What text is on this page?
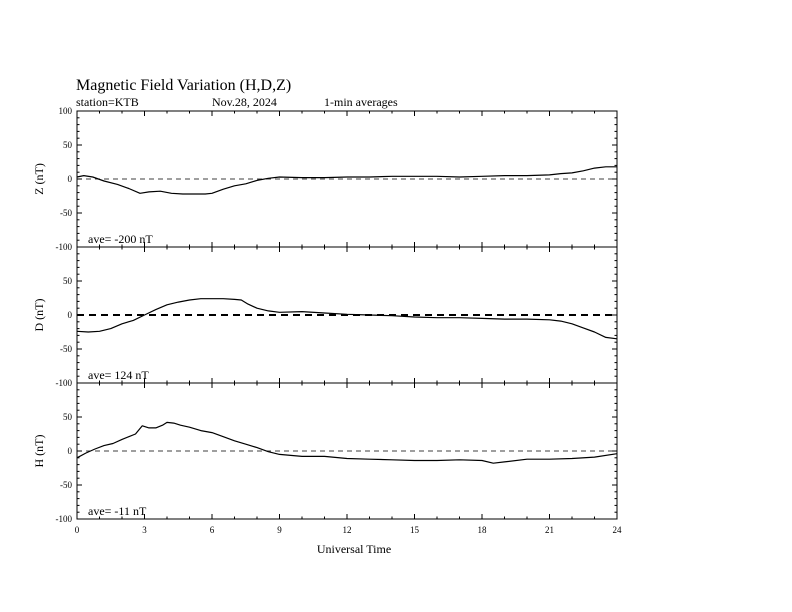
Magnetic Field Variation (H,D,Z)
station=KTB	Nov.28, 2024	1-min averages
Universal Time
100
50
0
-50
-100
Z (nT)
ave= -200 nT
50
0
-50
-100
D (nT)
ave= 124 nT
50
0
-50
-100
H (nT)
ave= -11 nT
0	3	6	9	12	15	18	21	24
